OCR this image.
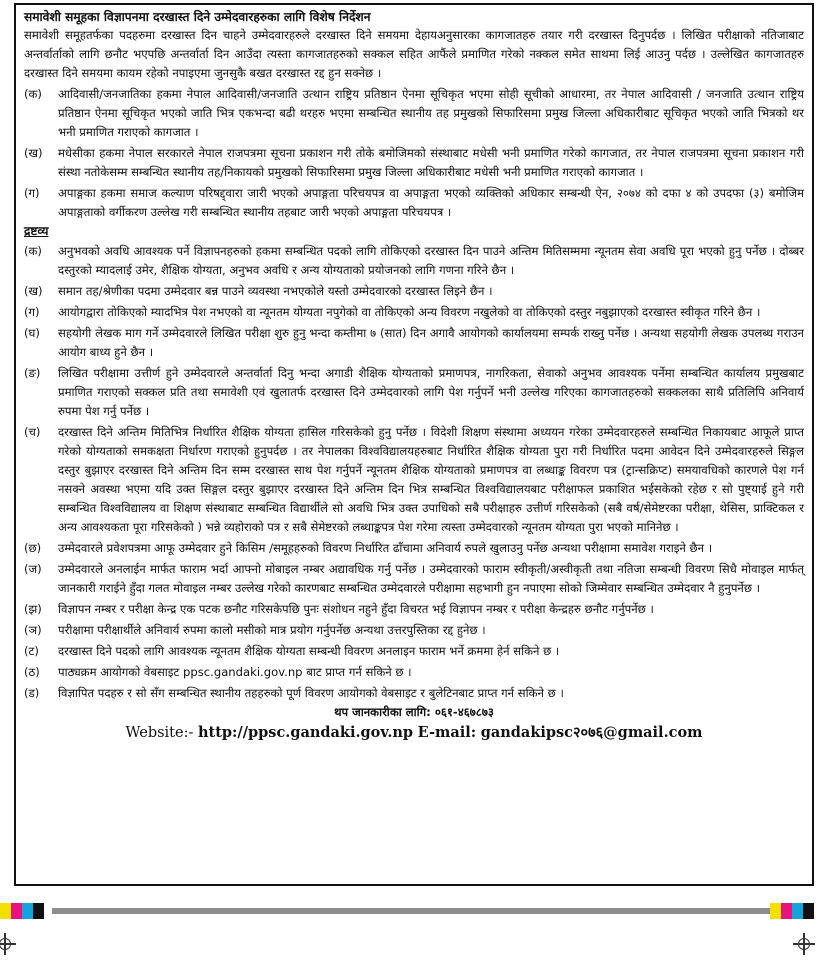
समावेशी समूहका विज्ञापनमा दरखास्त दिने उम्मेदवारहरुका लागि विशेष निर्देशन

समावेशी समूहतर्फका पदहरुमा दरखास्त दिन चाहने उम्मेदवारहरुले दरखास्त दिने समयमा देहायअनुसारका कागजातहरु तयार गरी दरखास्त दिनुपर्दछ । लिखित परीक्षाको नतिजाबाट अन्तर्वार्ताको लागि छनौट भएपछि अन्तर्वार्ता दिन आउँदा त्यस्ता कागजातहरुको सक्कल सहित आफैंले प्रमाणित गरेको नक्कल समेत साथमा लिई आउनु पर्दछ । उल्लेखित कागजातहरु दरखास्त दिने समयमा कायम रहेको नपाइएमा जुनसुकै बखत दरखास्त रद्द हुन सक्नेछ ।

(क)	आदिवासी/जनजातिका हकमा नेपाल आदिवासी/जनजाति उत्थान राष्ट्रिय प्रतिष्ठान ऐनमा सूचिकृत भएमा सोही सूचीको आधारमा, तर नेपाल आदिवासी / जनजाति उत्थान राष्ट्रिय प्रतिष्ठान ऐनमा सूचिकृत भएको जाति भित्र एकभन्दा बढी थरहरु भएमा सम्बन्धित स्थानीय तह प्रमुखको सिफारिसमा प्रमुख जिल्ला अधिकारीबाट सूचिकृत भएको जाति भित्रको थर भनी प्रमाणित गराएको कागजात ।
(ख)	मधेसीका हकमा नेपाल सरकारले नेपाल राजपत्रमा सूचना प्रकाशन गरी तोके बमोजिमको संस्थाबाट मधेसी भनी प्रमाणित गरेको कागजात, तर नेपाल राजपत्रमा सूचना प्रकाशन गरी संस्था नतोकेसम्म सम्बन्धित स्थानीय तह/निकायको प्रमुखको सिफारिसमा प्रमुख जिल्ला अधिकारीबाट मधेसी भनी प्रमाणित गराएको कागजात ।
(ग)	अपाङ्गका हकमा समाज कल्याण परिषद्द्वारा जारी भएको अपाङ्गता परिचयपत्र वा अपाङ्गता भएको व्यक्तिको अधिकार सम्बन्धी ऐन, २०७४ को दफा ४ को उपदफा (३) बमोजिम अपाङ्गताको वर्गीकरण उल्लेख गरी सम्बन्धित स्थानीय तहबाट जारी भएको अपाङ्गता परिचयपत्र ।

द्रष्टव्य

(क)	अनुभवको अवधि आवश्यक पर्ने विज्ञापनहरुको हकमा सम्बन्धित पदको लागि तोकिएको दरखास्त दिन पाउने अन्तिम मितिसम्ममा न्यूनतम सेवा अवधि पूरा भएको हुनु पर्नेछ । दोब्बर दस्तुरको म्यादलाई उमेर, शैक्षिक योग्यता, अनुभव अवधि र अन्य योग्यताको प्रयोजनको लागि गणना गरिने छैन ।
(ख)	समान तह/श्रेणीका पदमा उम्मेदवार बन्न पाउने व्यवस्था नभएकोले यस्तो उम्मेदवारको दरखास्त लिइने छैन ।
(ग)	आयोगद्वारा तोकिएको म्यादभित्र पेश नभएको वा न्यूनतम योग्यता नपुगेको वा तोकिएको अन्य विवरण नखुलेको वा तोकिएको दस्तुर नबुझाएको दरखास्त स्वीकृत गरिने छैन ।
(घ)	सहयोगी लेखक माग गर्ने उम्मेदवारले लिखित परीक्षा शुरु हुनु भन्दा कम्तीमा ७ (सात) दिन अगावै आयोगको कार्यालयमा सम्पर्क राख्नु पर्नेछ । अन्यथा सहयोगी लेखक उपलब्ध गराउन आयोग बाध्य हुने छैन ।
(ङ)	लिखित परीक्षामा उत्तीर्ण हुने उम्मेदवारले अन्तर्वार्ता दिनु भन्दा अगाडी शैक्षिक योग्यताको प्रमाणपत्र, नागरिकता, सेवाको अनुभव आवश्यक पर्नेमा सम्बन्धित कार्यालय प्रमुखबाट प्रमाणित गराएको सक्कल प्रति तथा समावेशी एवं खुलातर्फ दरखास्त दिने उम्मेदवारको लागि पेश गर्नुपर्ने भनी उल्लेख गरिएका कागजातहरुको सक्कलका साथै प्रतिलिपि अनिवार्य रुपमा पेश गर्नु पर्नेछ ।
(च)	दरखास्त दिने अन्तिम मितिभित्र निर्धारित शैक्षिक योग्यता हासिल गरिसकेको हुनु पर्नेछ । विदेशी शिक्षण संस्थामा अध्ययन गरेका उम्मेदवारहरुले सम्बन्धित निकायबाट आफूले प्राप्त गरेको योग्यताको समकक्षता निर्धारण गराएको हुनुपर्दछ । तर नेपालका विश्वविद्यालयहरुबाट निर्धारित शैक्षिक योग्यता पुरा गरी निर्धारित पदमा आवेदन दिने उम्मेदवारहरुले सिङ्गल दस्तुर बुझाएर दरखास्त दिने अन्तिम दिन सम्म दरखास्त साथ पेश गर्नुपर्ने न्यूनतम शैक्षिक योग्यताको प्रमाणपत्र वा लब्धाङ्क विवरण पत्र (ट्रान्सक्रिप्ट) समयावधिको कारणले पेश गर्न नसक्ने अवस्था भएमा यदि उक्त सिङ्गल दस्तुर बुझाएर दरखास्त दिने अन्तिम दिन भित्र सम्बन्धित विश्वविद्यालयबाट परीक्षाफल प्रकाशित भईसकेको रहेछ र सो पुष्ट्याई हुने गरी सम्बन्धित विश्वविद्यालय वा शिक्षण संस्थाबाट सम्बन्धित विद्यार्थीले सो अवधि भित्र उक्त उपाधिको सबै परीक्षाहरु उत्तीर्ण गरिसकेको (सबै वर्ष/सेमेष्टरका परीक्षा, थेसिस, प्राक्टिकल र अन्य आवश्यकता पूरा गरिसकेको ) भन्ने व्यहोराको पत्र र सबै सेमेष्टरको लब्धाङ्कपत्र पेश गरेमा त्यस्ता उम्मेदवारको न्यूनतम योग्यता पुरा भएको मानिनेछ ।
(छ)	उम्मेदवारले प्रवेशपत्रमा आफू उम्मेदवार हुने किसिम /समूहहरुको विवरण निर्धारित ढाँचामा अनिवार्य रुपले खुलाउनु पर्नेछ अन्यथा परीक्षामा समावेश गराइने छैन ।
(ज)	उम्मेदवारले अनलाईन मार्फत फाराम भर्दा आफ्नो मोबाइल नम्बर अद्यावधिक गर्नु पर्नेछ । उम्मेदवारको फाराम स्वीकृती/अस्वीकृती तथा नतिजा सम्बन्धी विवरण सिधै मोवाइल मार्फत् जानकारी गराईने हुँदा गलत मोवाइल नम्बर उल्लेख गरेको कारणबाट सम्बन्धित उम्मेदवारले परीक्षामा सहभागी हुन नपाएमा सोको जिम्मेवार सम्बन्धित उम्मेदवार नै हुनुपर्नेछ ।
(झ)	विज्ञापन नम्बर र परीक्षा केन्द्र एक पटक छनौट गरिसकेपछि पुनः संशोधन नहुने हुँदा विचरत भई विज्ञापन नम्बर र परीक्षा केन्द्रहरु छनौट गर्नुपर्नेछ ।
(ञ)	परीक्षामा परीक्षार्थीले अनिवार्य रुपमा कालो मसीको मात्र प्रयोग गर्नुपर्नेछ अन्यथा उत्तरपुस्तिका रद्द हुनेछ ।
(ट)	दरखास्त दिने पदको लागि आवश्यक न्यूनतम शैक्षिक योग्यता सम्बन्धी विवरण अनलाइन फाराम भर्ने क्रममा हेर्न सकिने छ ।
(ठ)	पाठ्यक्रम आयोगको वेबसाइट ppsc.gandaki.gov.np बाट प्राप्त गर्न सकिने छ ।
(ड)	विज्ञापित पदहरु र सो सँग सम्बन्धित स्थानीय तहहरुको पूर्ण विवरण आयोगको वेबसाइट र बुलेटिनबाट प्राप्त गर्न सकिने छ ।

थप जानकारीका लागि: ०६१-४६७८७३

Website:- http://ppsc.gandaki.gov.np E-mail: gandakipsc२०७६@gmail.com
